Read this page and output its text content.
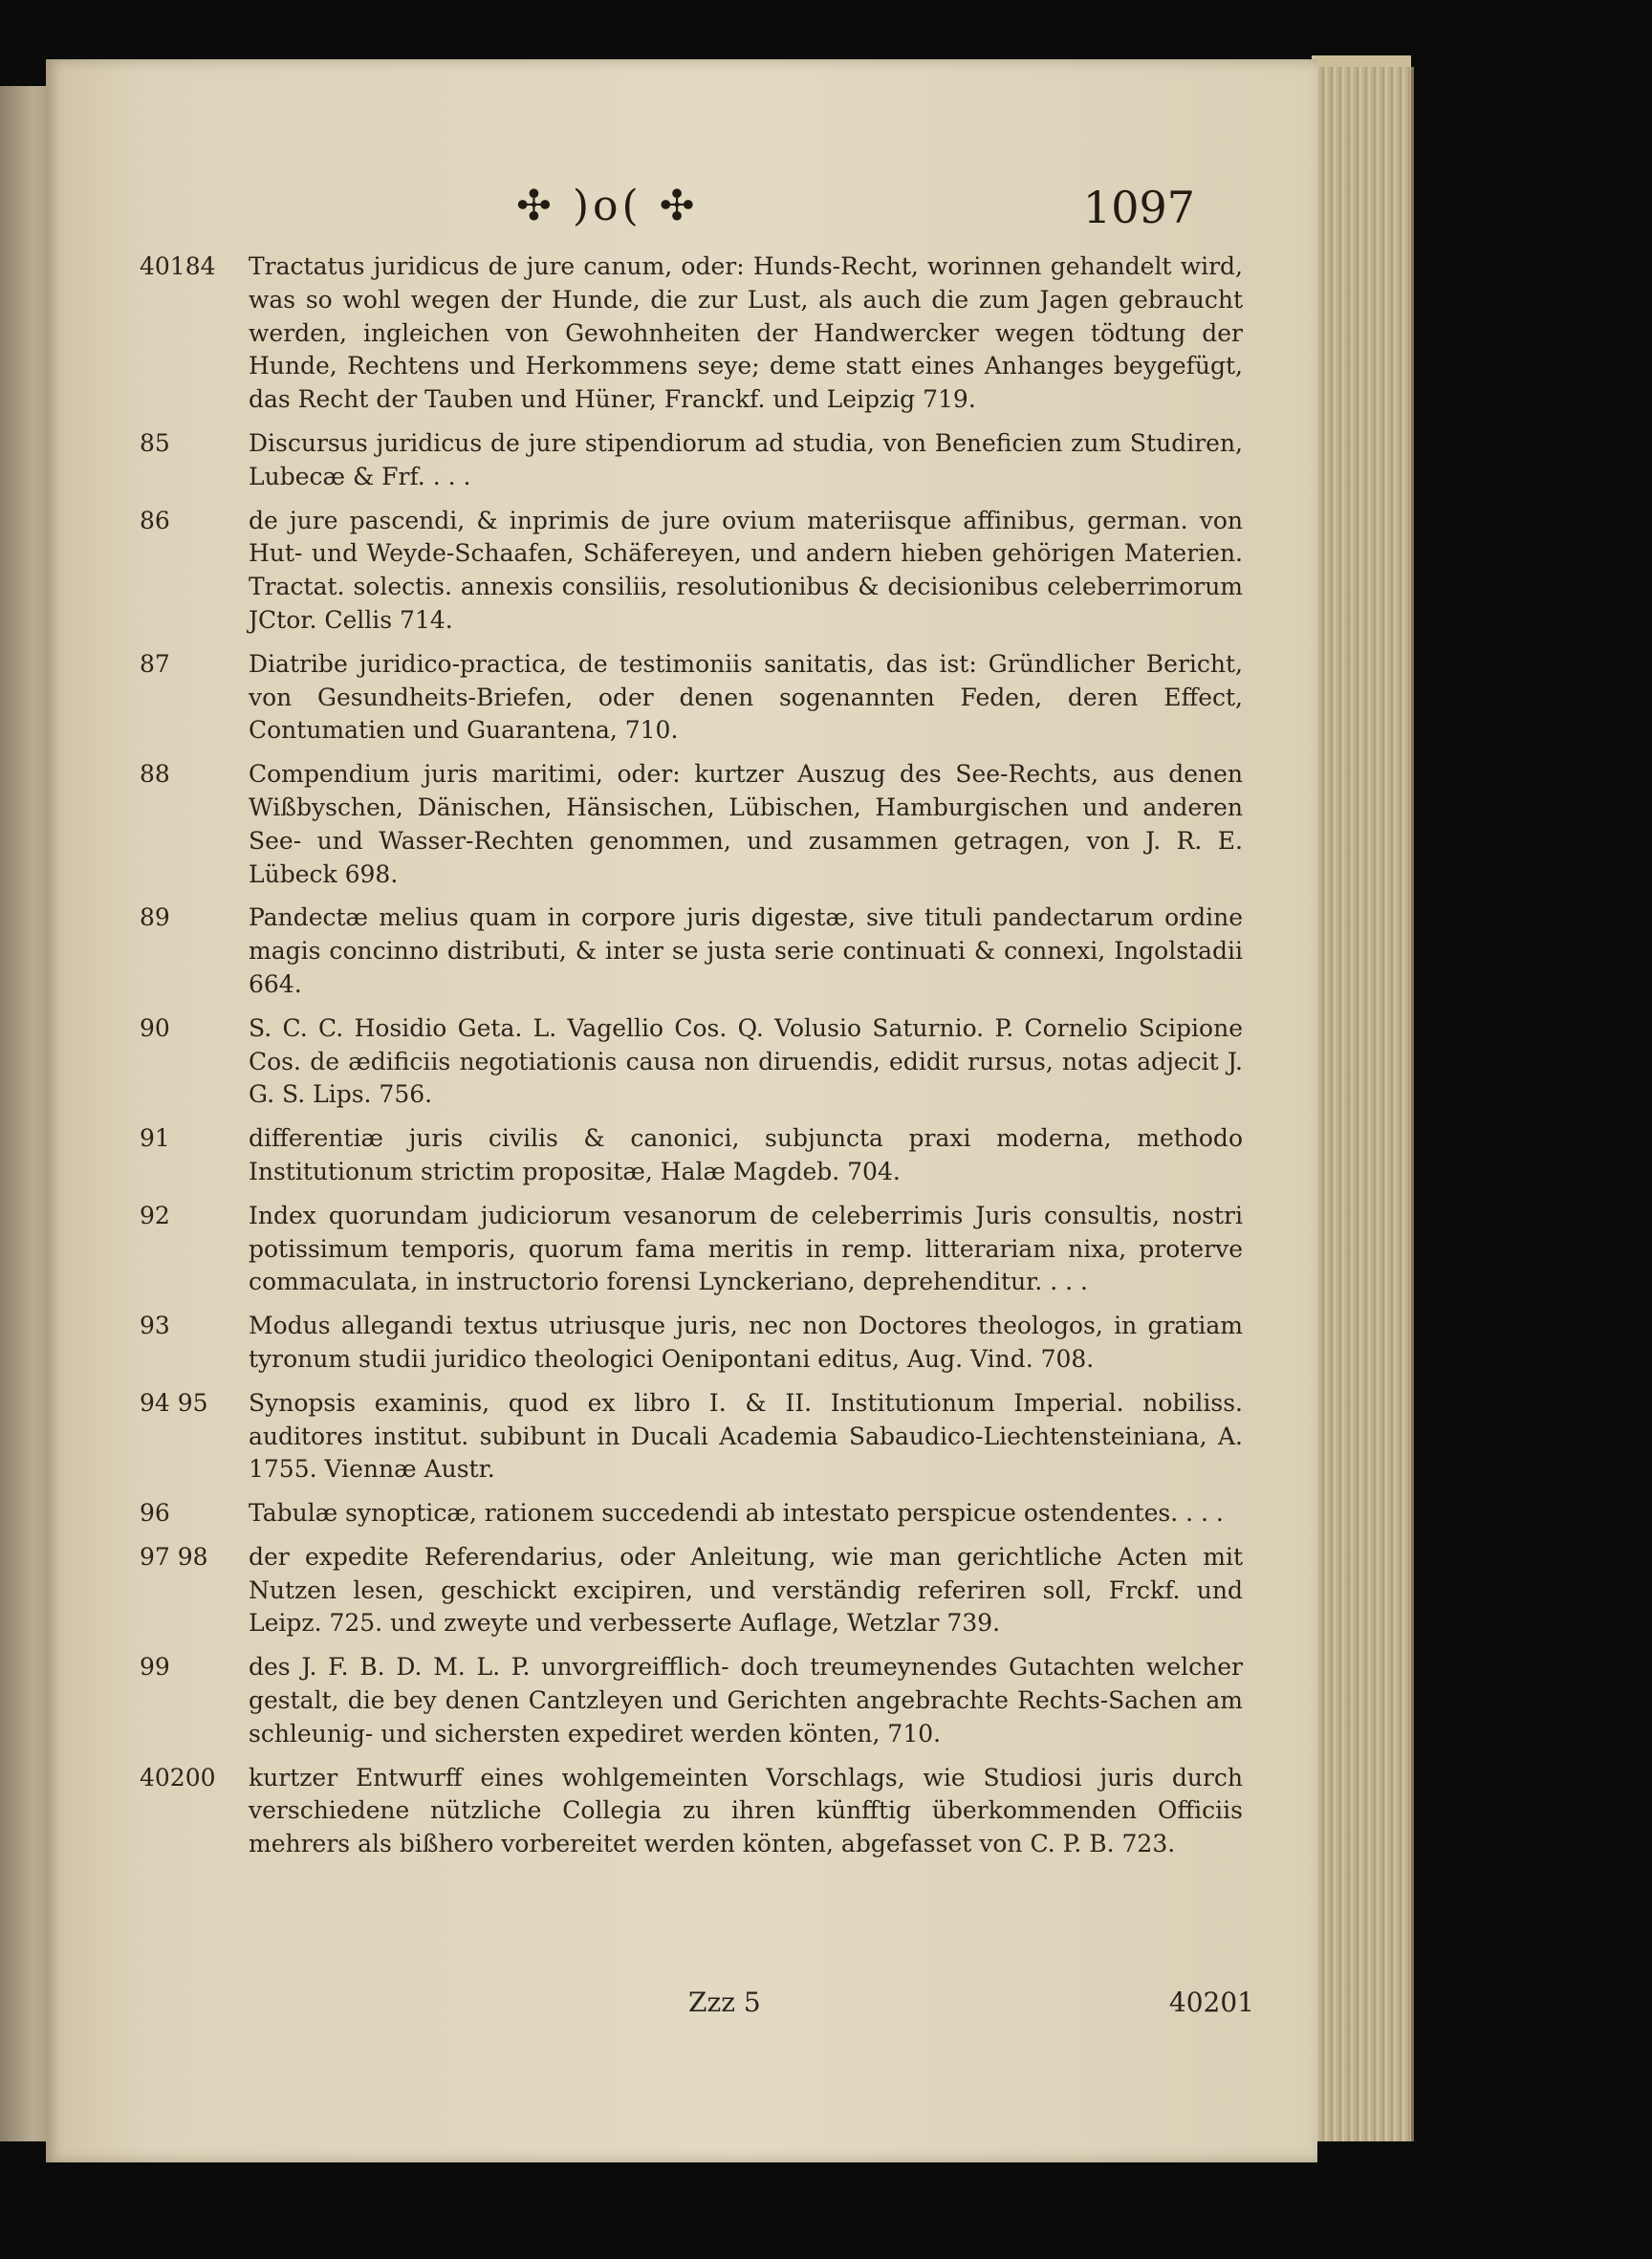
✣ )o( ✣	1097
40184	Tractatus juridicus de jure canum, oder: Hunds-Recht, worinnen gehandelt wird, was so wohl wegen der Hunde, die zur Lust, als auch die zum Jagen gebraucht werden, ingleichen von Gewohnheiten der Handwercker wegen tödtung der Hunde, Rechtens und Herkommens seye; deme statt eines Anhanges beygefügt, das Recht der Tauben und Hüner, Franckf. und Leipzig 719.
85	Discursus juridicus de jure stipendiorum ad studia, von Beneficien zum Studiren, Lubecæ & Frf. . . .
86	de jure pascendi, & inprimis de jure ovium materiisque affinibus, german. von Hut- und Weyde-Schaafen, Schäfereyen, und andern hieben gehörigen Materien. Tractat. solectis. annexis consiliis, resolutionibus & decisionibus celeberrimorum JCtor. Cellis 714.
87	Diatribe juridico-practica, de testimoniis sanitatis, das ist: Gründlicher Bericht, von Gesundheits-Briefen, oder denen sogenannten Feden, deren Effect, Contumatien und Guarantena, 710.
88	Compendium juris maritimi, oder: kurtzer Auszug des See-Rechts, aus denen Wißbyschen, Dänischen, Hänsischen, Lübischen, Hamburgischen und anderen See- und Wasser-Rechten genommen, und zusammen getragen, von J. R. E. Lübeck 698.
89	Pandectæ melius quam in corpore juris digestæ, sive tituli pandectarum ordine magis concinno distributi, & inter se justa serie continuati & connexi, Ingolstadii 664.
90	S. C. C. Hosidio Geta. L. Vagellio Cos. Q. Volusio Saturnio. P. Cornelio Scipione Cos. de ædificiis negotiationis causa non diruendis, edidit rursus, notas adjecit J. G. S. Lips. 756.
91	differentiæ juris civilis & canonici, subjuncta praxi moderna, methodo Institutionum strictim propositæ, Halæ Magdeb. 704.
92	Index quorundam judiciorum vesanorum de celeberrimis Juris consultis, nostri potissimum temporis, quorum fama meritis in remp. litterariam nixa, proterve commaculata, in instructorio forensi Lynckeriano, deprehenditur. . . .
93	Modus allegandi textus utriusque juris, nec non Doctores theologos, in gratiam tyronum studii juridico theologici Oenipontani editus, Aug. Vind. 708.
94 95	Synopsis examinis, quod ex libro I. & II. Institutionum Imperial. nobiliss. auditores institut. subibunt in Ducali Academia Sabaudico-Liechtensteiniana, A. 1755. Viennæ Austr.
96	Tabulæ synopticæ, rationem succedendi ab intestato perspicue ostendentes. . . .
97 98	der expedite Referendarius, oder Anleitung, wie man gerichtliche Acten mit Nutzen lesen, geschickt excipiren, und verständig referiren soll, Frckf. und Leipz. 725. und zweyte und verbesserte Auflage, Wetzlar 739.
99	des J. F. B. D. M. L. P. unvorgreifflich- doch treumeynendes Gutachten welcher gestalt, die bey denen Cantzleyen und Gerichten angebrachte Rechts-Sachen am schleunig- und sichersten expediret werden könten, 710.
40200	kurtzer Entwurff eines wohlgemeinten Vorschlags, wie Studiosi juris durch verschiedene nützliche Collegia zu ihren künfftig überkommenden Officiis mehrers als bißhero vorbereitet werden könten, abgefasset von C. P. B. 723.
Zzz 5	40201
